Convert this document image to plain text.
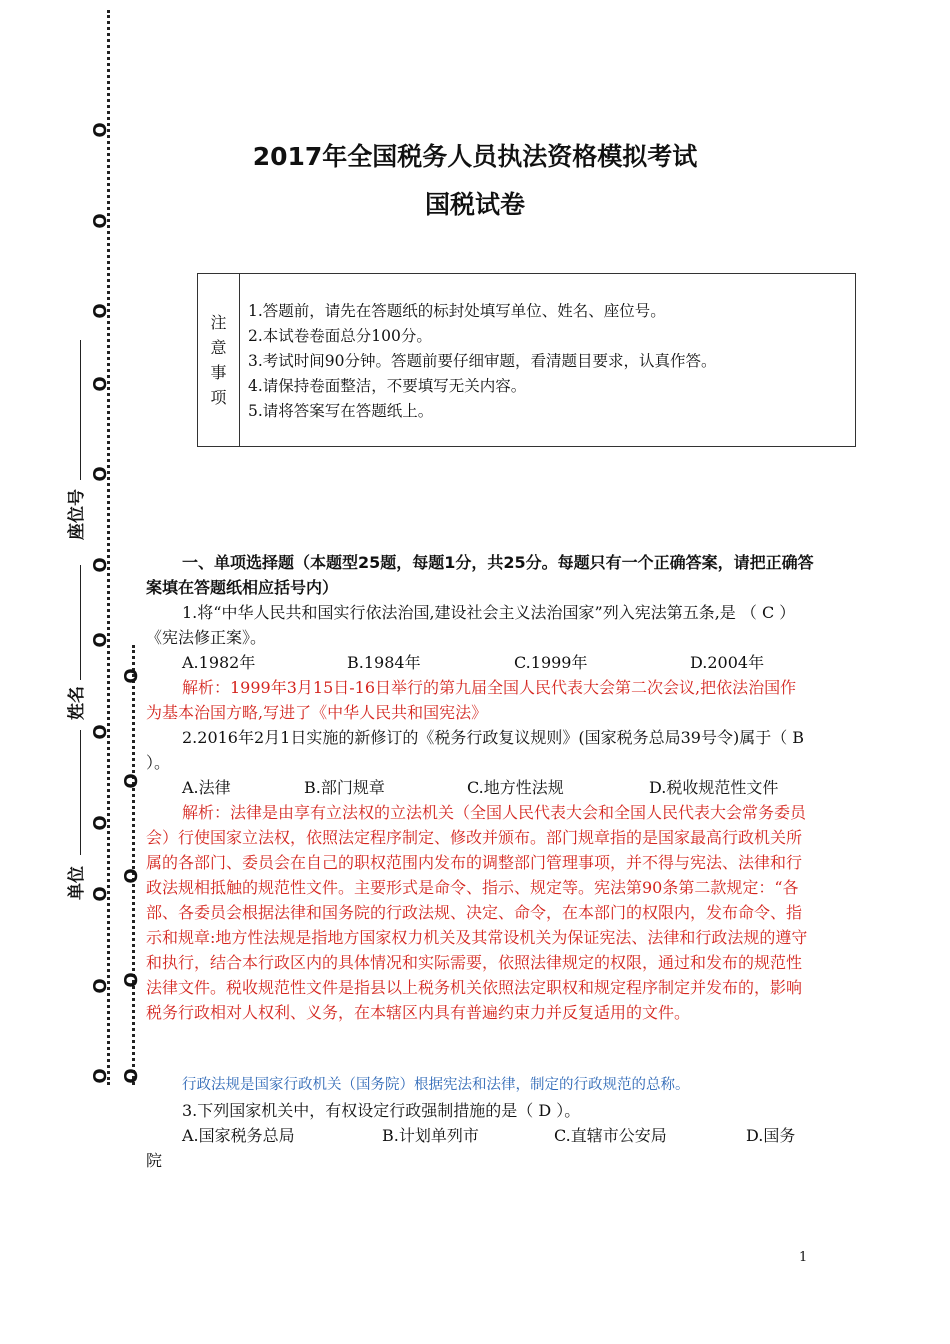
O
O
O
O
O
O
O
O
O
O
O
O
O
O
O
O
O
座位号
姓名
单位
2017年全国税务人员执法资格模拟考试
国税试卷
注
意
事
项
1.答题前，请先在答题纸的标封处填写单位、姓名、座位号。
2.本试卷卷面总分100分。
3.考试时间90分钟。答题前要仔细审题，看清题目要求，认真作答。
4.请保持卷面整洁，不要填写无关内容。
5.请将答案写在答题纸上。
一、单项选择题（本题型25题，每题1分，共25分。每题只有一个正确答案，请把正确答案填在答题纸相应括号内）
1.将“中华人民共和国实行依法治国,建设社会主义法治国家”列入宪法第五条,是 （ C ）《宪法修正案》。
A.1982年	B.1984年	C.1999年	D.2004年
解析：1999年3月15日-16日举行的第九届全国人民代表大会第二次会议,把依法治国作为基本治国方略,写进了《中华人民共和国宪法》
2.2016年2月1日实施的新修订的《税务行政复议规则》(国家税务总局39号令)属于（ B ）。
A.法律	B.部门规章	C.地方性法规	D.税收规范性文件
解析：法律是由享有立法权的立法机关（全国人民代表大会和全国人民代表大会常务委员会）行使国家立法权，依照法定程序制定、修改并颁布。部门规章指的是国家最高行政机关所属的各部门、委员会在自己的职权范围内发布的调整部门管理事项，并不得与宪法、法律和行政法规相抵触的规范性文件。主要形式是命令、指示、规定等。宪法第90条第二款规定：“各部、各委员会根据法律和国务院的行政法规、决定、命令，在本部门的权限内，发布命令、指示和规章:地方性法规是指地方国家权力机关及其常设机关为保证宪法、法律和行政法规的遵守和执行，结合本行政区内的具体情况和实际需要，依照法律规定的权限，通过和发布的规范性法律文件。税收规范性文件是指县以上税务机关依照法定职权和规定程序制定并发布的，影响税务行政相对人权利、义务，在本辖区内具有普遍约束力并反复适用的文件。
行政法规是国家行政机关（国务院）根据宪法和法律，制定的行政规范的总称。
3.下列国家机关中，有权设定行政强制措施的是（ D ）。
A.国家税务总局	B.计划单列市	C.直辖市公安局	D.国务
1
院
